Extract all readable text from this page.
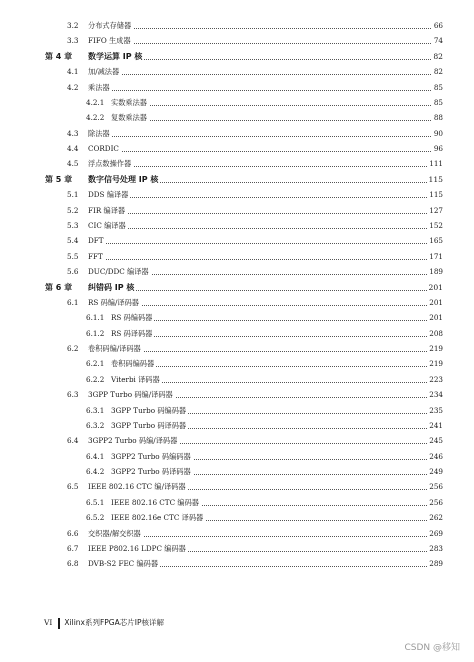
3.2 分布式存储器	66
3.3 FIFO 生成器	74
第 4 章 数学运算 IP 核	82
4.1 加/减法器	82
4.2 乘法器	85
4.2.1 实数乘法器	85
4.2.2 复数乘法器	88
4.3 除法器	90
4.4 CORDIC	96
4.5 浮点数操作器	111
第 5 章 数字信号处理 IP 核	115
5.1 DDS 编译器	115
5.2 FIR 编译器	127
5.3 CIC 编译器	152
5.4 DFT	165
5.5 FFT	171
5.6 DUC/DDC 编译器	189
第 6 章 纠错码 IP 核	201
6.1 RS 码编/译码器	201
6.1.1 RS 码编码器	201
6.1.2 RS 码译码器	208
6.2 卷积码编/译码器	219
6.2.1 卷积码编码器	219
6.2.2 Viterbi 译码器	223
6.3 3GPP Turbo 码编/译码器	234
6.3.1 3GPP Turbo 码编码器	235
6.3.2 3GPP Turbo 码译码器	241
6.4 3GPP2 Turbo 码编/译码器	245
6.4.1 3GPP2 Turbo 码编码器	246
6.4.2 3GPP2 Turbo 码译码器	249
6.5 IEEE 802.16 CTC 编/译码器	256
6.5.1 IEEE 802.16 CTC 编码器	256
6.5.2 IEEE 802.16e CTC 译码器	262
6.6 交织器/解交织器	269
6.7 IEEE P802.16 LDPC 编码器	283
6.8 DVB-S2 FEC 编码器	289
VI Xilinx系列FPGA芯片IP核详解
CSDN @移知
